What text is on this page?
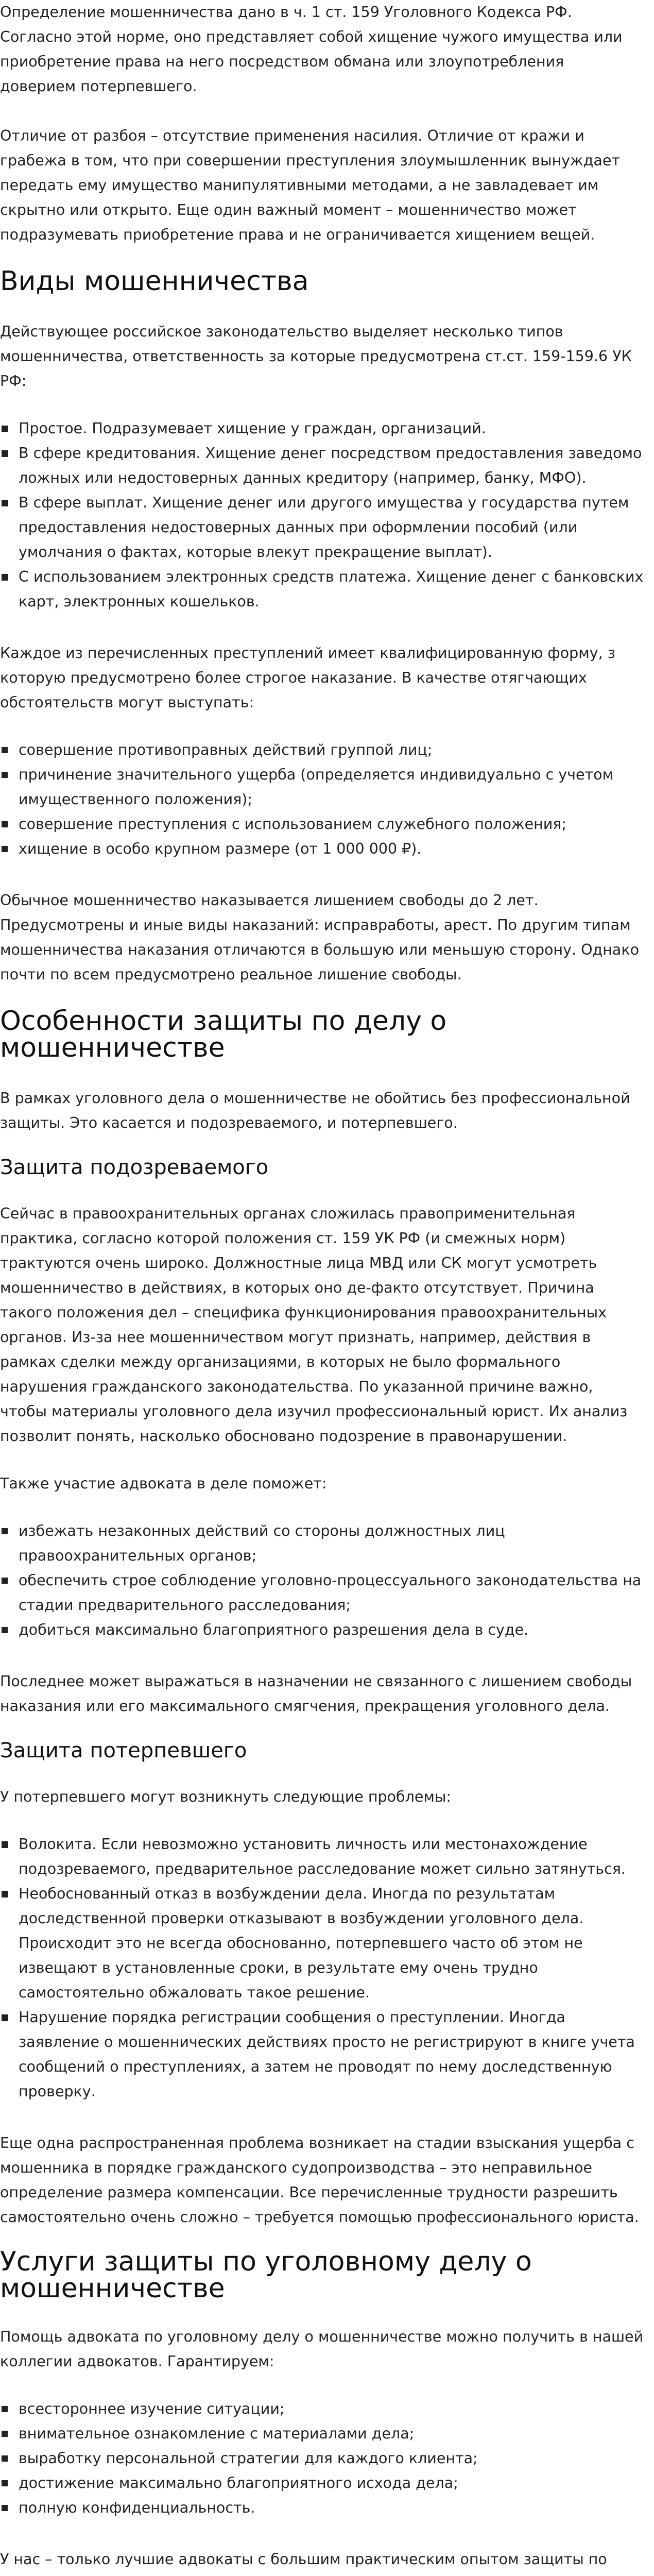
Определение мошенничества дано в ч. 1 ст. 159 Уголовного Кодекса РФ. Согласно этой норме, оно представляет собой хищение чужого имущества или приобретение права на него посредством обмана или злоупотребления доверием потерпевшего.

Отличие от разбоя – отсутствие применения насилия. Отличие от кражи и грабежа в том, что при совершении преступления злоумышленник вынуждает передать ему имущество манипулятивными методами, а не завладевает им скрытно или открыто. Еще один важный момент – мошенничество может подразумевать приобретение права и не ограничивается хищением вещей.

Виды мошенничества

Действующее российское законодательство выделяет несколько типов мошенничества, ответственность за которые предусмотрена ст.ст. 159-159.6 УК РФ:

Простое. Подразумевает хищение у граждан, организаций.
В сфере кредитования. Хищение денег посредством предоставления заведомо ложных или недостоверных данных кредитору (например, банку, МФО).
В сфере выплат. Хищение денег или другого имущества у государства путем предоставления недостоверных данных при оформлении пособий (или умолчания о фактах, которые влекут прекращение выплат).
С использованием электронных средств платежа. Хищение денег с банковских карт, электронных кошельков.

Каждое из перечисленных преступлений имеет квалифицированную форму, з которую предусмотрено более строгое наказание. В качестве отягчающих обстоятельств могут выступать:

совершение противоправных действий группой лиц;
причинение значительного ущерба (определяется индивидуально с учетом имущественного положения);
совершение преступления с использованием служебного положения;
хищение в особо крупном размере (от 1 000 000 ₽).

Обычное мошенничество наказывается лишением свободы до 2 лет. Предусмотрены и иные виды наказаний: исправработы, арест. По другим типам мошенничества наказания отличаются в большую или меньшую сторону. Однако почти по всем предусмотрено реальное лишение свободы.

Особенности защиты по делу о мошенничестве

В рамках уголовного дела о мошенничестве не обойтись без профессиональной защиты. Это касается и подозреваемого, и потерпевшего.

Защита подозреваемого

Сейчас в правоохранительных органах сложилась правоприменительная практика, согласно которой положения ст. 159 УК РФ (и смежных норм) трактуются очень широко. Должностные лица МВД или СК могут усмотреть мошенничество в действиях, в которых оно де-факто отсутствует. Причина такого положения дел – специфика функционирования правоохранительных органов. Из-за нее мошенничеством могут признать, например, действия в рамках сделки между организациями, в которых не было формального нарушения гражданского законодательства. По указанной причине важно, чтобы материалы уголовного дела изучил профессиональный юрист. Их анализ позволит понять, насколько обосновано подозрение в правонарушении.

Также участие адвоката в деле поможет:

избежать незаконных действий со стороны должностных лиц правоохранительных органов;
обеспечить строе соблюдение уголовно-процессуального законодательства на стадии предварительного расследования;
добиться максимально благоприятного разрешения дела в суде.

Последнее может выражаться в назначении не связанного с лишением свободы наказания или его максимального смягчения, прекращения уголовного дела.

Защита потерпевшего

У потерпевшего могут возникнуть следующие проблемы:

Волокита. Если невозможно установить личность или местонахождение подозреваемого, предварительное расследование может сильно затянуться.
Необоснованный отказ в возбуждении дела. Иногда по результатам доследственной проверки отказывают в возбуждении уголовного дела. Происходит это не всегда обоснованно, потерпевшего часто об этом не извещают в установленные сроки, в результате ему очень трудно самостоятельно обжаловать такое решение.
Нарушение порядка регистрации сообщения о преступлении. Иногда заявление о мошеннических действиях просто не регистрируют в книге учета сообщений о преступлениях, а затем не проводят по нему доследственную проверку.

Еще одна распространенная проблема возникает на стадии взыскания ущерба с мошенника в порядке гражданского судопроизводства – это неправильное определение размера компенсации. Все перечисленные трудности разрешить самостоятельно очень сложно – требуется помощью профессионального юриста.

Услуги защиты по уголовному делу о мошенничестве

Помощь адвоката по уголовному делу о мошенничестве можно получить в нашей коллегии адвокатов. Гарантируем:

всестороннее изучение ситуации;
внимательное ознакомление с материалами дела;
выработку персональной стратегии для каждого клиента;
достижение максимально благоприятного исхода дела;
полную конфиденциальность.

У нас – только лучшие адвокаты с большим практическим опытом защиты по
